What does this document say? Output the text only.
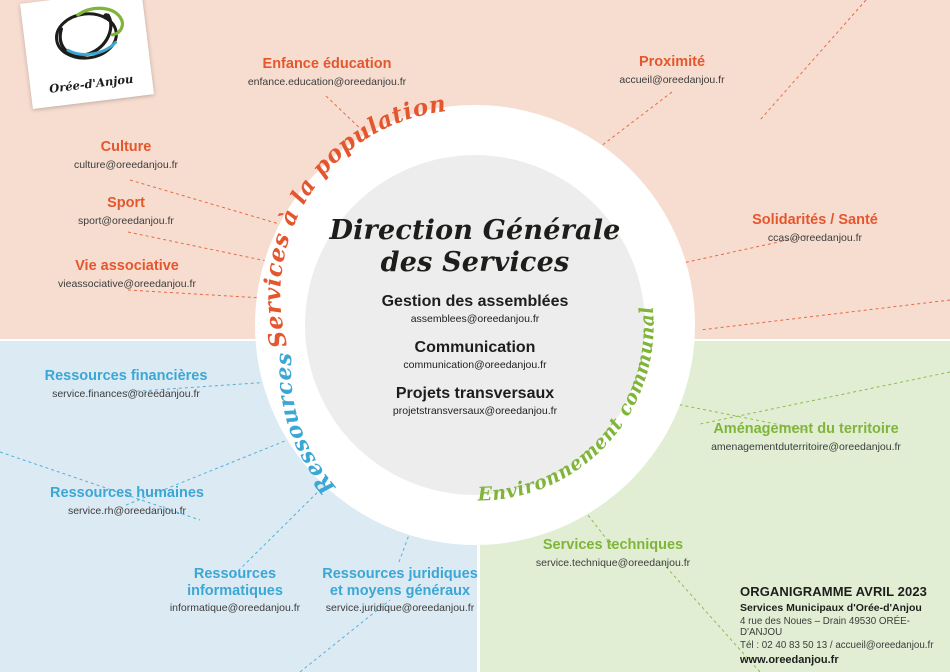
Services à la population
Ressources
Environnement communal
Direction Générale
des Services
Gestion des assemblées
assemblees@oreedanjou.fr
Communication
communication@oreedanjou.fr
Projets transversaux
projetstransversaux@oreedanjou.fr
Enfance éducation
enfance.education@oreedanjou.fr
Proximité
accueil@oreedanjou.fr
Culture
culture@oreedanjou.fr
Sport
sport@oreedanjou.fr
Vie associative
vieassociative@oreedanjou.fr
Solidarités / Santé
ccas@oreedanjou.fr
Ressources financières
service.finances@oreedanjou.fr
Ressources humaines
service.rh@oreedanjou.fr
Ressources informatiques
informatique@oreedanjou.fr
Ressources juridiques et moyens généraux
service.juridique@oreedanjou.fr
Aménagement du territoire
amenagementduterritoire@oreedanjou.fr
Services techniques
service.technique@oreedanjou.fr
Orée-d'Anjou
ORGANIGRAMME AVRIL 2023
Services Municipaux d'Orée-d'Anjou
4 rue des Noues – Drain 49530 ORÉE-D'ANJOU
Tél : 02 40 83 50 13 / accueil@oreedanjou.fr
www.oreedanjou.fr
